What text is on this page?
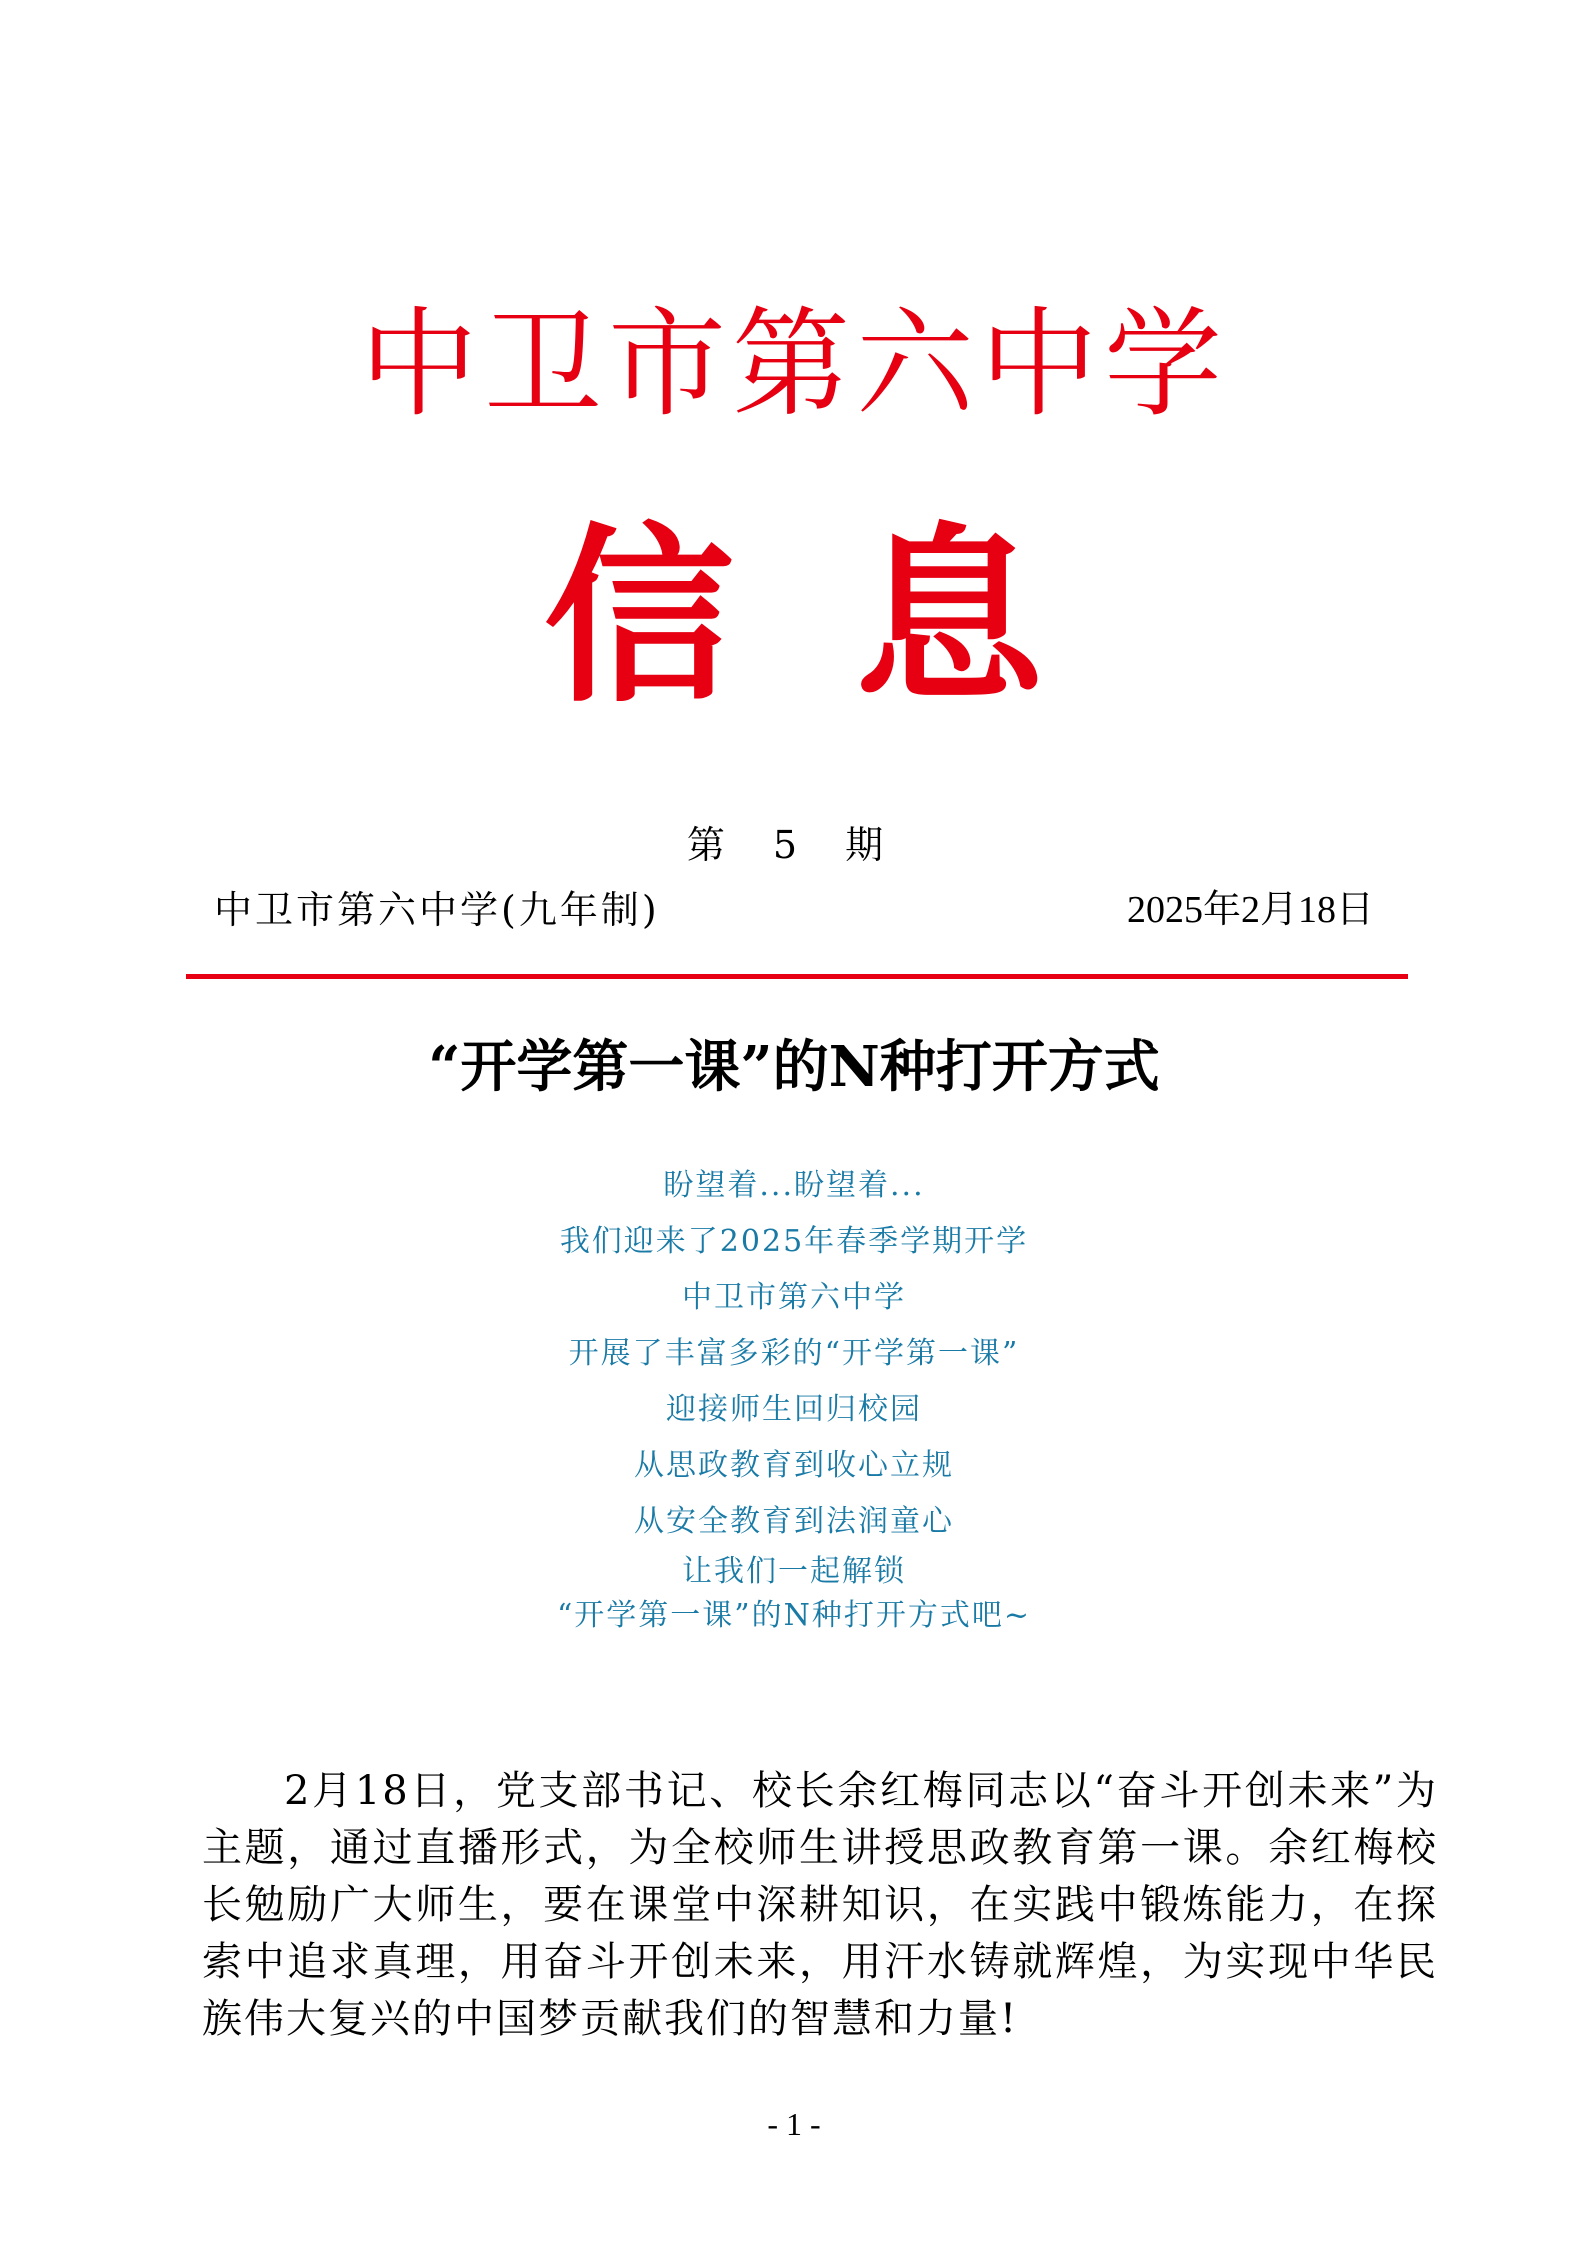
中卫市第六中学
信 息
第 5 期
中卫市第六中学(九年制)	2025年2月18日
“开学第一课”的N种打开方式
盼望着...盼望着...
我们迎来了2025年春季学期开学
中卫市第六中学
开展了丰富多彩的“开学第一课”
迎接师生回归校园
从思政教育到收心立规
从安全教育到法润童心
让我们一起解锁
“开学第一课”的N种打开方式吧~
2月18日，党支部书记、校长余红梅同志以“奋斗开创未来”为主题，通过直播形式，为全校师生讲授思政教育第一课。余红梅校长勉励广大师生，要在课堂中深耕知识，在实践中锻炼能力，在探索中追求真理，用奋斗开创未来，用汗水铸就辉煌，为实现中华民族伟大复兴的中国梦贡献我们的智慧和力量!
- 1 -
